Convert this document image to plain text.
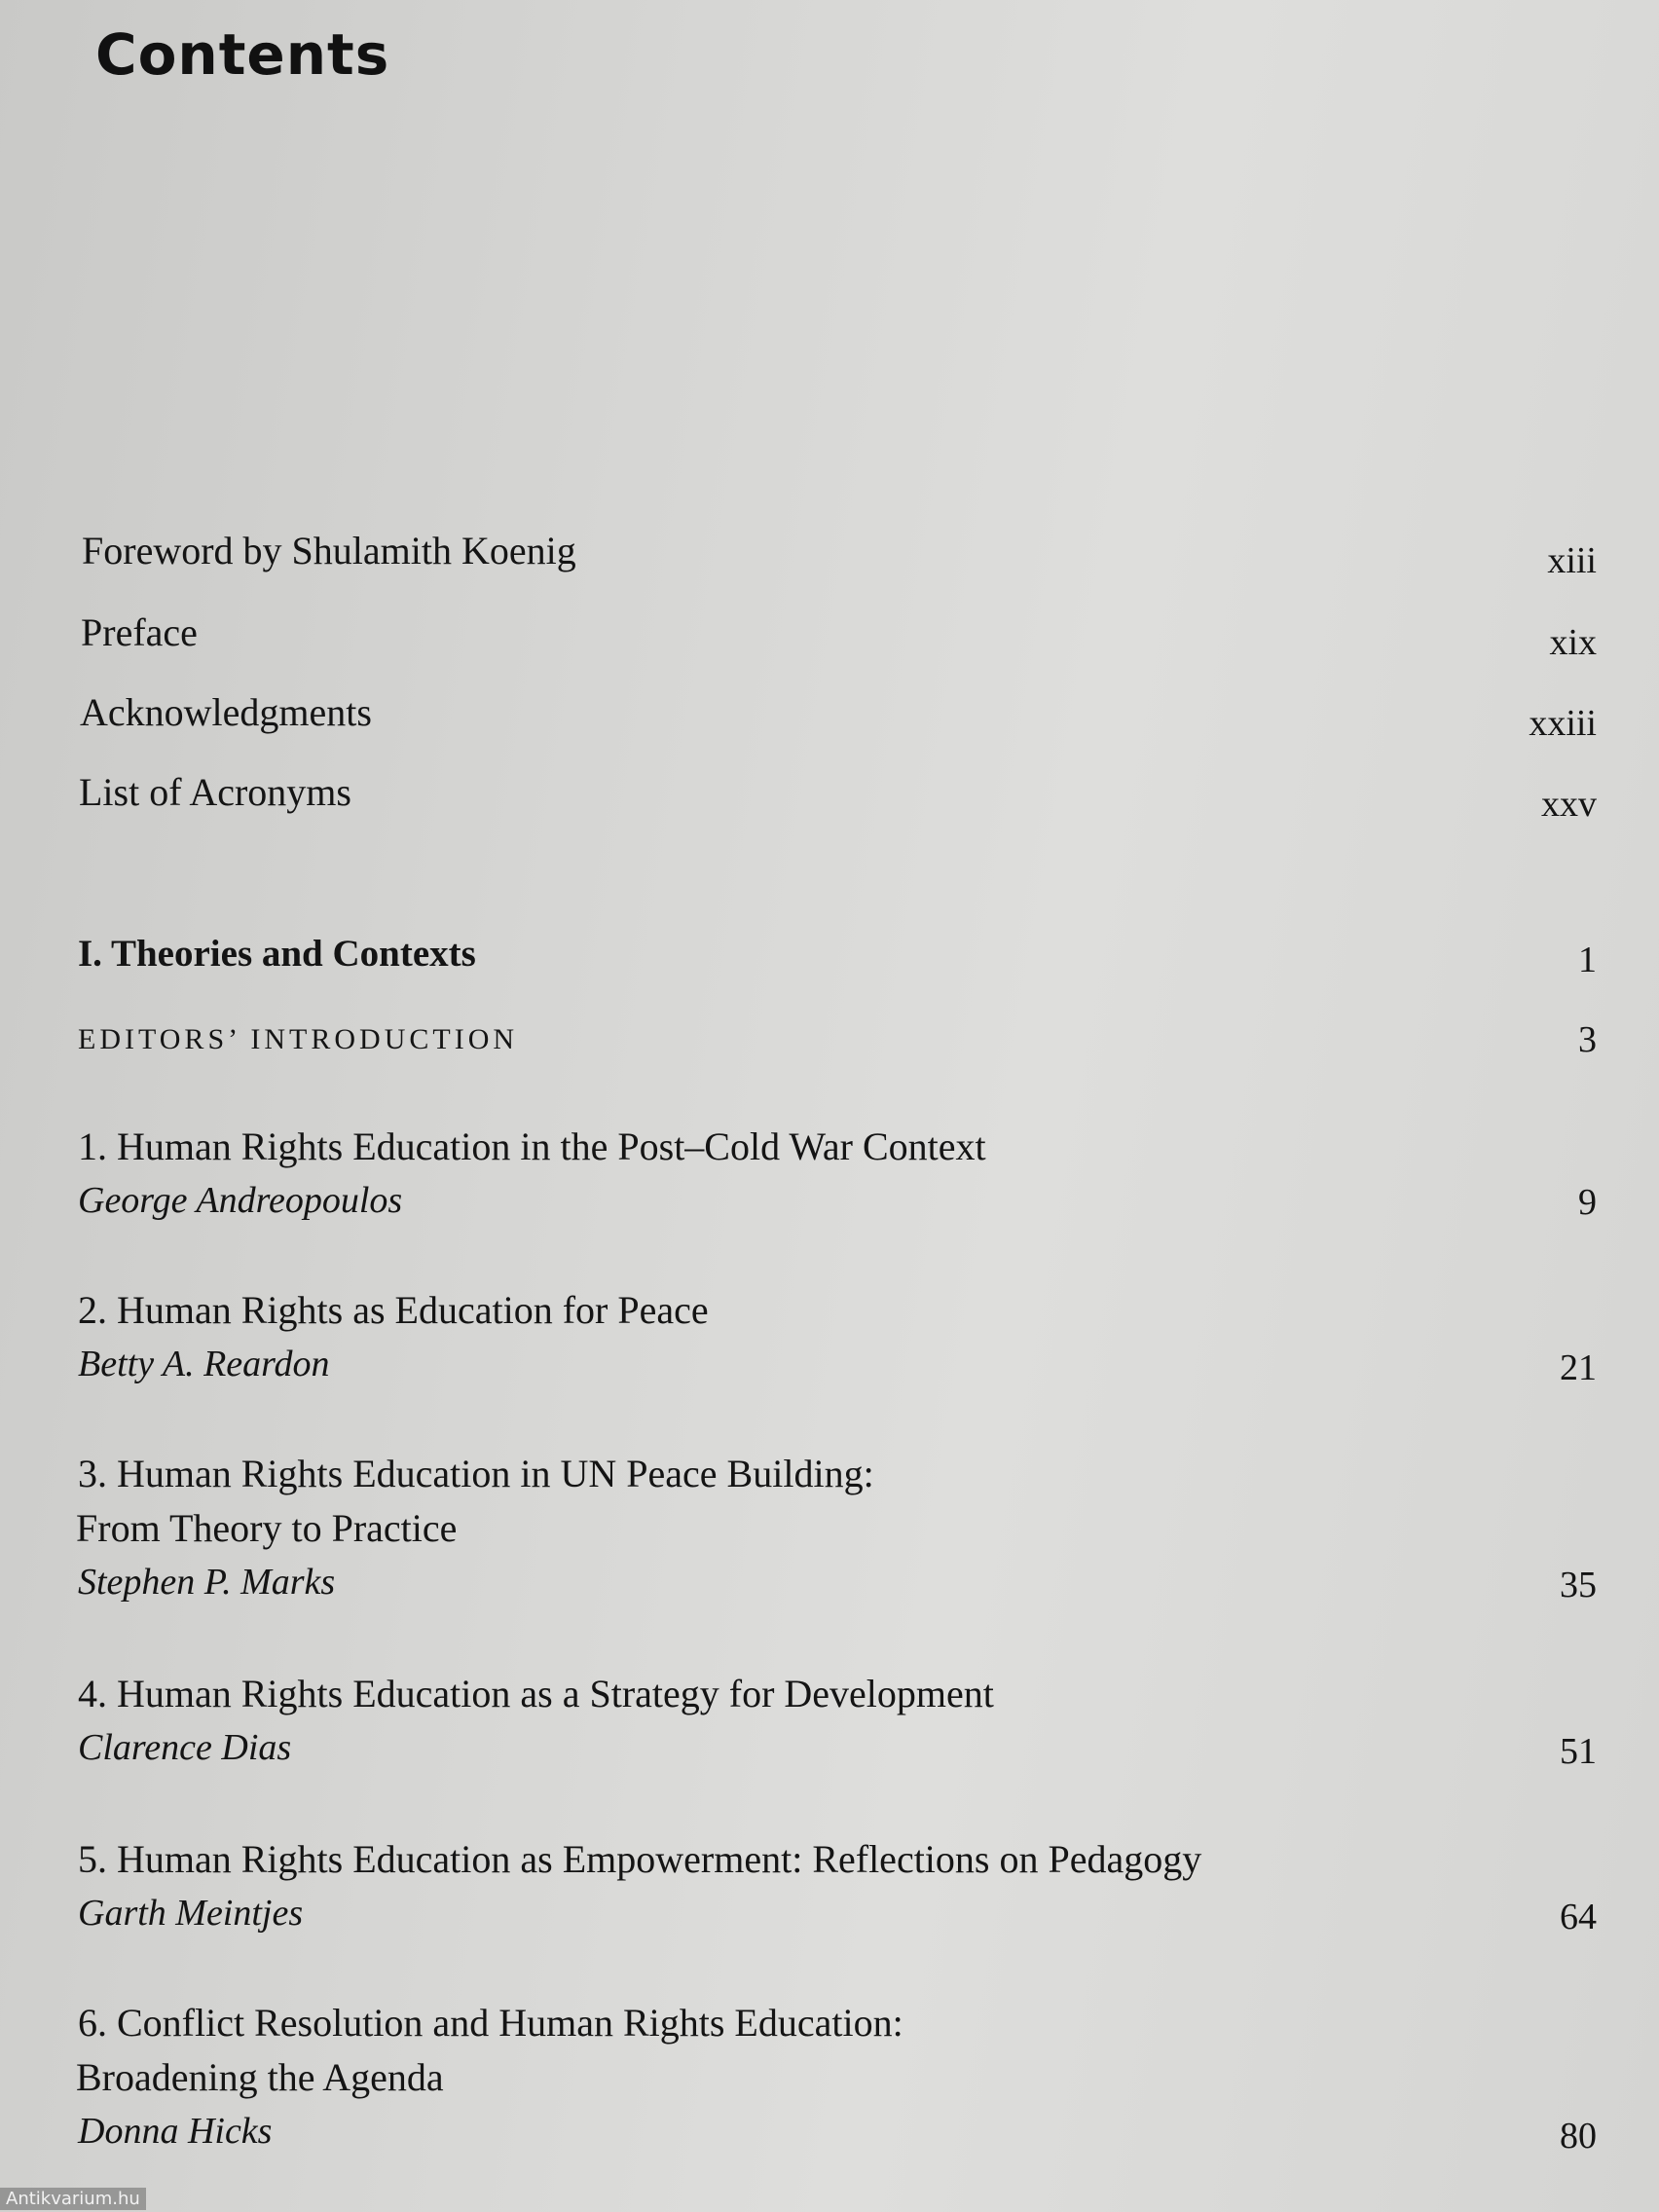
Contents
Foreword by Shulamith Koenig	xiii
Preface	xix
Acknowledgments	xxiii
List of Acronyms	xxv
I. Theories and Contexts	1
EDITORS’ INTRODUCTION	3
1. Human Rights Education in the Post–Cold War Context
George Andreopoulos	9
2. Human Rights as Education for Peace
Betty A. Reardon	21
3. Human Rights Education in UN Peace Building:
From Theory to Practice
Stephen P. Marks	35
4. Human Rights Education as a Strategy for Development
Clarence Dias	51
5. Human Rights Education as Empowerment: Reflections on Pedagogy
Garth Meintjes	64
6. Conflict Resolution and Human Rights Education:
Broadening the Agenda
Donna Hicks	80
Antikvarium.hu
